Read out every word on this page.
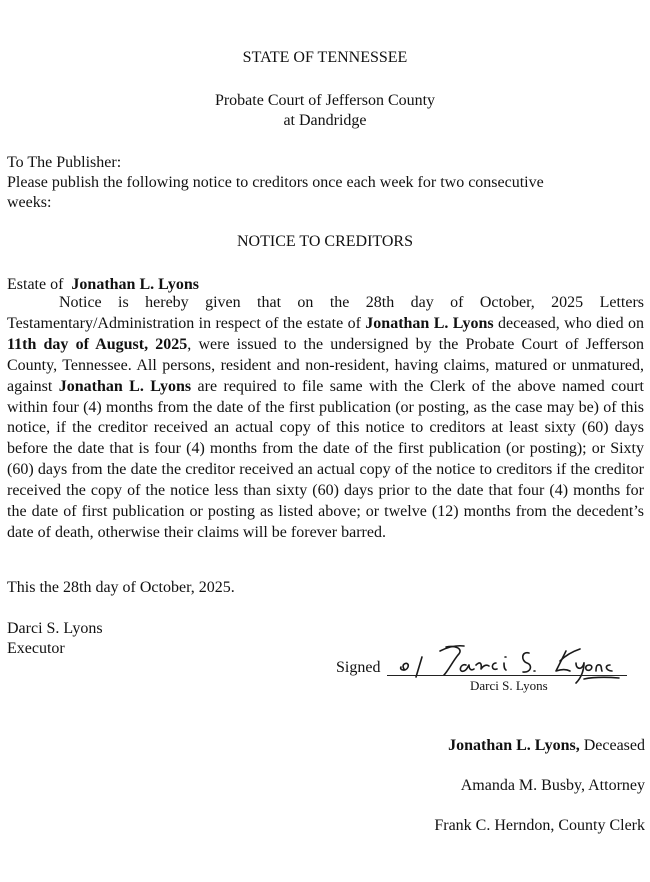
STATE OF TENNESSEE
Probate Court of Jefferson County
at Dandridge
To The Publisher:
Please publish the following notice to creditors once each week for two consecutive
weeks:
NOTICE TO CREDITORS
Estate of Jonathan L. Lyons
Notice is hereby given that on the 28th day of October, 2025 Letters Testamentary/Administration in respect of the estate of Jonathan L. Lyons deceased, who died on 11th day of August, 2025, were issued to the undersigned by the Probate Court of Jefferson County, Tennessee. All persons, resident and non-resident, having claims, matured or unmatured, against Jonathan L. Lyons are required to file same with the Clerk of the above named court within four (4) months from the date of the first publication (or posting, as the case may be) of this notice, if the creditor received an actual copy of this notice to creditors at least sixty (60) days before the date that is four (4) months from the date of the first publication (or posting); or Sixty (60) days from the date the creditor received an actual copy of the notice to creditors if the creditor received the copy of the notice less than sixty (60) days prior to the date that four (4) months for the date of first publication or posting as listed above; or twelve (12) months from the decedent’s date of death, otherwise their claims will be forever barred.
This the 28th day of October, 2025.
Darci S. Lyons
Executor
Signed
Darci S. Lyons
Jonathan L. Lyons, Deceased
Amanda M. Busby, Attorney
Frank C. Herndon, County Clerk
